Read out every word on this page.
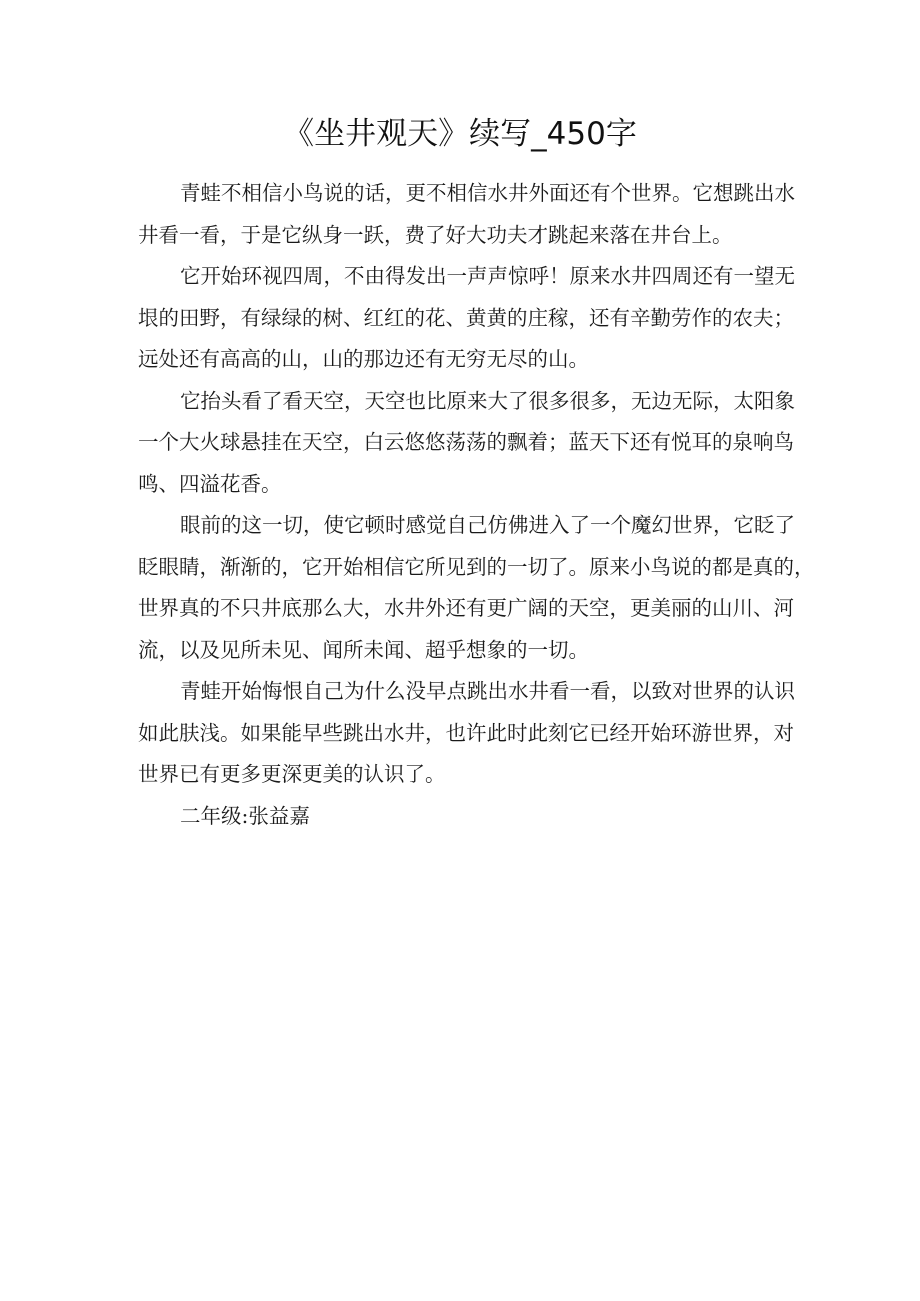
《坐井观天》续写_450字

青蛙不相信小鸟说的话，更不相信水井外面还有个世界。它想跳出水
井看一看，于是它纵身一跃，费了好大功夫才跳起来落在井台上。

它开始环视四周，不由得发出一声声惊呼！原来水井四周还有一望无
垠的田野，有绿绿的树、红红的花、黄黄的庄稼，还有辛勤劳作的农夫；
远处还有高高的山，山的那边还有无穷无尽的山。

它抬头看了看天空，天空也比原来大了很多很多，无边无际，太阳象
一个大火球悬挂在天空，白云悠悠荡荡的飘着；蓝天下还有悦耳的泉响鸟
鸣、四溢花香。

眼前的这一切，使它顿时感觉自己仿佛进入了一个魔幻世界，它眨了
眨眼睛，渐渐的，它开始相信它所见到的一切了。原来小鸟说的都是真的，
世界真的不只井底那么大，水井外还有更广阔的天空，更美丽的山川、河
流，以及见所未见、闻所未闻、超乎想象的一切。

青蛙开始悔恨自己为什么没早点跳出水井看一看，以致对世界的认识
如此肤浅。如果能早些跳出水井，也许此时此刻它已经开始环游世界，对
世界已有更多更深更美的认识了。

二年级:张益嘉
